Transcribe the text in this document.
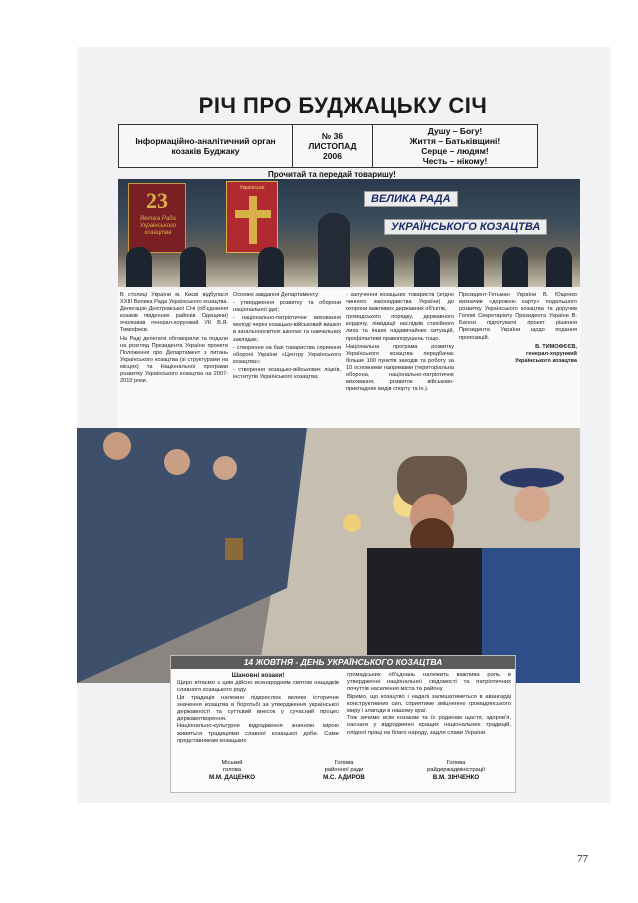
РІЧ ПРО БУДЖАЦЬКУ СІЧ
Інформаційно-аналітичний орган
козаків Буджаку
№ 36
ЛИСТОПАД
2006
Душу – Богу!
Життя – Батьківщині!
Серце – людям!
Честь – нікому!
Прочитай та передай товаришу!
23
Велика Рада
Українського
козацтва
Українське
ВЕЛИКА РАДА
УКРАЇНСЬКОГО КОЗАЦТВА

В столиці України м. Києві відбулася XXIII Велика Рада Українського козацтва. Делегацію Дністровської Січі (об'єднання козаків південних районів Одещини) очолював генерал-хорунжий УК В.Я. Тимофеєв.

На Раді делегати обговорили та подали на розгляд Президента України проекти Положення про Департамент з питань Українського козацтва (зі структурами на місцях) та Національної програми розвитку Українського козацтва на 2007-2010 роки.

Основні завдання Департаменту:

- утвердження розвитку та оборони національної ідеї;

- національно-патріотичне виховання молоді через козацько-військовий вишкіл в загальноосвітніх школах та навчальних закладах;

- створення на базі товариства сприяння обороні України «Центру Українського козацтва»;

- створення козацько-військових ліцеїв, інститутів Українського козацтва;

- залучення козацьких товариств (згідно чинного законодавства України) до охорони важливих державних об'єктів,

громадського порядку, державного кордону, ліквідації наслідків стихійного лиха та інших надзвичайних ситуацій, профілактики правопорушень тощо.

Національна програма розвитку Українського козацтва передбачає більше 100 пунктів заходів та роботу за 10 основними напрямами (територіальна оборона, національно-патріотичне виховання, розвиток військово-прикладних видів спорту та ін.).

Президент-Гетьман України В. Ющенко визначив «дорожню карту» подальшого розвитку Українського козацтва та доручив Голові Секретаріату Президента України В. Балозі підготувати проект рішення Президента України щодо подання пропозицій.

В. ТИМОФЄЄВ,
генерал-хорунжий
Українського козацтва
14 ЖОВТНЯ - ДЕНЬ УКРАЇНСЬКОГО КОЗАЦТВА
Шановні козаки!

Щиро вітаємо з цим дійсно всенародним святом нащадків славного козацького роду.

Ця традиція належно підкреслює велике історичне значення козацтва в боротьбі за утвердження української державності та суттєвий внесок у сучасний процес державотворення.

Національно-культурне відродження значною мірою живиться традиціями славної козацької доби. Саме представникам козацьких

громадських об'єднань належить важлива роль в утвердженні національної свідомості та патріотичних почуттів населення міста та району.

Віримо, що козацтво і надалі залишатиметься в авангарді конструктивних сил, сприятиме зміцненню громадянського миру і злагоди в нашому краї.

Тож зичимо всім козакам та їх родинам щастя, здоров'я, наснаги у відродженні кращих національних традицій, плідної праці на благо народу, задля слави України.

Міський
голова
М.М. ДАЦЕНКО
Голова
районної ради
М.С. АДИРОВ
Голова
райдержадміністрації
В.М. ЗІНЧЕНКО
77
